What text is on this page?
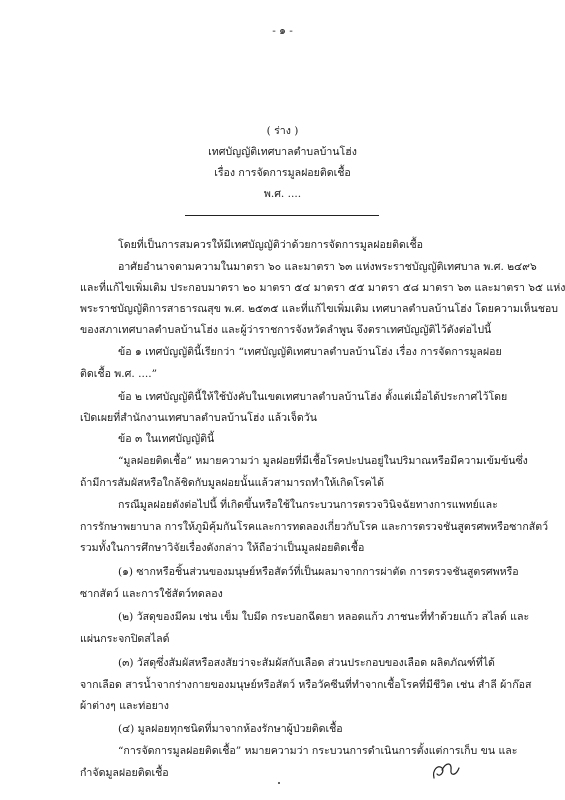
- ๑ -
( ร่าง )
เทศบัญญัติเทศบาลตำบลบ้านโฮ่ง
เรื่อง การจัดการมูลฝอยติดเชื้อ
พ.ศ. ....
โดยที่เป็นการสมควรให้มีเทศบัญญัติว่าด้วยการจัดการมูลฝอยติดเชื้อ
อาศัยอำนาจตามความในมาตรา ๖๐ และมาตรา ๖๓ แห่งพระราชบัญญัติเทศบาล พ.ศ. ๒๔๙๖
และที่แก้ไขเพิ่มเติม ประกอบมาตรา ๒๐ มาตรา ๕๔ มาตรา ๕๕ มาตรา ๕๘ มาตรา ๖๓ และมาตรา ๖๕ แห่ง
พระราชบัญญัติการสาธารณสุข พ.ศ. ๒๕๓๕ และที่แก้ไขเพิ่มเติม เทศบาลตำบลบ้านโฮ่ง โดยความเห็นชอบ
ของสภาเทศบาลตำบลบ้านโฮ่ง และผู้ว่าราชการจังหวัดลำพูน จึงตราเทศบัญญัติไว้ดังต่อไปนี้
ข้อ ๑ เทศบัญญัตินี้เรียกว่า “เทศบัญญัติเทศบาลตำบลบ้านโฮ่ง เรื่อง การจัดการมูลฝอย
ติดเชื้อ พ.ศ. ....”
ข้อ ๒ เทศบัญญัตินี้ให้ใช้บังคับในเขตเทศบาลตำบลบ้านโฮ่ง ตั้งแต่เมื่อได้ประกาศไว้โดย
เปิดเผยที่สำนักงานเทศบาลตำบลบ้านโฮ่ง แล้วเจ็ดวัน
ข้อ ๓ ในเทศบัญญัตินี้
“มูลฝอยติดเชื้อ” หมายความว่า มูลฝอยที่มีเชื้อโรคปะปนอยู่ในปริมาณหรือมีความเข้มข้นซึ่ง
ถ้ามีการสัมผัสหรือใกล้ชิดกับมูลฝอยนั้นแล้วสามารถทำให้เกิดโรคได้
กรณีมูลฝอยดังต่อไปนี้ ที่เกิดขึ้นหรือใช้ในกระบวนการตรวจวินิจฉัยทางการแพทย์และ
การรักษาพยาบาล การให้ภูมิคุ้มกันโรคและการทดลองเกี่ยวกับโรค และการตรวจชันสูตรศพหรือซากสัตว์
รวมทั้งในการศึกษาวิจัยเรื่องดังกล่าว ให้ถือว่าเป็นมูลฝอยติดเชื้อ
(๑) ซากหรือชิ้นส่วนของมนุษย์หรือสัตว์ที่เป็นผลมาจากการผ่าตัด การตรวจชันสูตรศพหรือ
ซากสัตว์ และการใช้สัตว์ทดลอง
(๒) วัสดุของมีคม เช่น เข็ม ใบมีด กระบอกฉีดยา หลอดแก้ว ภาชนะที่ทำด้วยแก้ว สไลด์ และ
แผ่นกระจกปิดสไลด์
(๓) วัสดุซึ่งสัมผัสหรือสงสัยว่าจะสัมผัสกับเลือด ส่วนประกอบของเลือด ผลิตภัณฑ์ที่ได้
จากเลือด สารน้ำจากร่างกายของมนุษย์หรือสัตว์ หรือวัคซีนที่ทำจากเชื้อโรคที่มีชีวิต เช่น สำลี ผ้าก๊อส
ผ้าต่างๆ และท่อยาง
(๔) มูลฝอยทุกชนิดที่มาจากห้องรักษาผู้ป่วยติดเชื้อ
“การจัดการมูลฝอยติดเชื้อ” หมายความว่า กระบวนการดำเนินการตั้งแต่การเก็บ ขน และ
กำจัดมูลฝอยติดเชื้อ
